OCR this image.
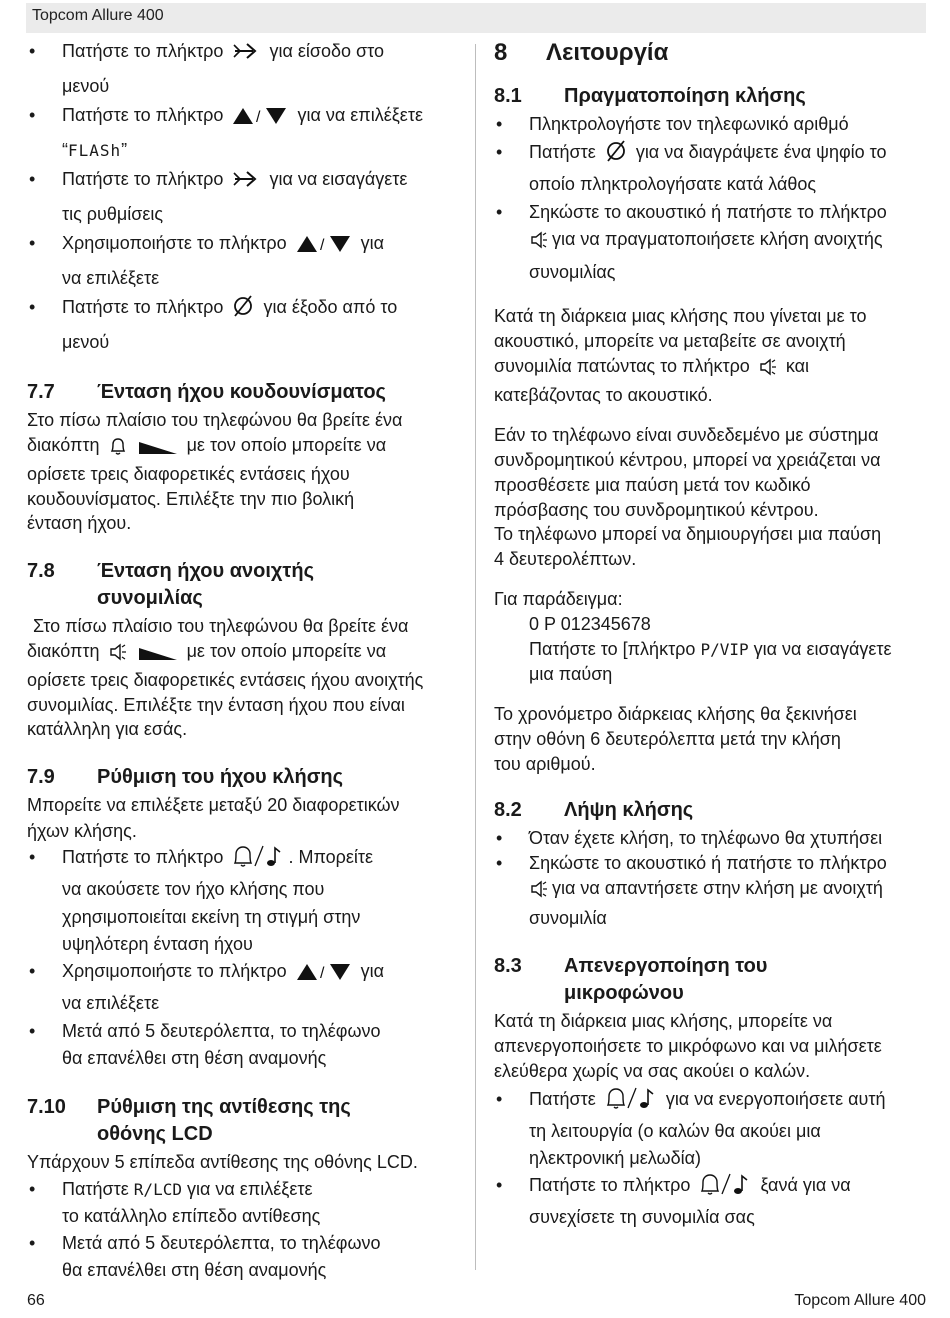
Topcom Allure 400
• Πατήστε το πλήκτρο	για είσοδο στο
μενού
• Πατήστε το πλήκτρο / για να επιλέξετε
“FLASh”
• Πατήστε το πλήκτρο	για να εισαγάγετε
τις ρυθμίσεις
• Χρησιμοποιήστε το πλήκτρο / για
να επιλέξετε
• Πατήστε το πλήκτρο για έξοδο από το
μενού
7.7 Ένταση ήχου κουδουνίσματος

Στο πίσω πλαίσιο του τηλεφώνου θα βρείτε ένα

διακόπτη	με τον οποίο μπορείτε να

ορίσετε τρεις διαφορετικές εντάσεις ήχου

κουδουνίσματος. Επιλέξτε την πιο βολική

ένταση ήχου.

7.8 Ένταση ήχου ανοιχτής
συνομιλίας

Στο πίσω πλαίσιο του τηλεφώνου θα βρείτε ένα

διακόπτη	με τον οποίο μπορείτε να

ορίσετε τρεις διαφορετικές εντάσεις ήχου ανοιχτής

συνομιλίας. Επιλέξτε την ένταση ήχου που είναι

κατάλληλη για εσάς.

7.9 Ρύθμιση του ήχου κλήσης

Μπορείτε να επιλέξετε μεταξύ 20 διαφορετικών

ήχων κλήσης.

• Πατήστε το πλήκτρο	. Μπορείτε
να ακούσετε τον ήχο κλήσης που
χρησιμοποιείται εκείνη τη στιγμή στην
υψηλότερη ένταση ήχου
• Χρησιμοποιήστε το πλήκτρο / για
να επιλέξετε
• Μετά από 5 δευτερόλεπτα, το τηλέφωνο
θα επανέλθει στη θέση αναμονής
7.10 Ρύθμιση της αντίθεσης της
οθόνης LCD

Υπάρχουν 5 επίπεδα αντίθεσης της οθόνης LCD.

• Πατήστε R/LCD για να επιλέξετε
το κατάλληλο επίπεδο αντίθεσης
• Μετά από 5 δευτερόλεπτα, το τηλέφωνο
θα επανέλθει στη θέση αναμονής
8 Λειτουργία
8.1 Πραγματοποίηση κλήσης
• Πληκτρολογήστε τον τηλεφωνικό αριθμό
• Πατήστε για να διαγράψετε ένα ψηφίο το
οποίο πληκτρολογήσατε κατά λάθος
• Σηκώστε το ακουστικό ή πατήστε το πλήκτρο
για να πραγματοποιήσετε κλήση ανοιχτής
συνομιλίας

Κατά τη διάρκεια μιας κλήσης που γίνεται με το

ακουστικό, μπορείτε να μεταβείτε σε ανοιχτή

συνομιλία πατώντας το πλήκτρο και

κατεβάζοντας το ακουστικό.

Εάν το τηλέφωνο είναι συνδεδεμένο με σύστημα

συνδρομητικού κέντρου, μπορεί να χρειάζεται να

προσθέσετε μια παύση μετά τον κωδικό

πρόσβασης του συνδρομητικού κέντρου.

Το τηλέφωνο μπορεί να δημιουργήσει μια παύση

4 δευτερολέπτων.

Για παράδειγμα:

0 P 012345678

Πατήστε το [πλήκτρο P/VIP για να εισαγάγετε

μια παύση

Το χρονόμετρο διάρκειας κλήσης θα ξεκινήσει

στην οθόνη 6 δευτερόλεπτα μετά την κλήση

του αριθμού.

8.2 Λήψη κλήσης
• Όταν έχετε κλήση, το τηλέφωνο θα χτυπήσει
• Σηκώστε το ακουστικό ή πατήστε το πλήκτρο
για να απαντήσετε στην κλήση με ανοιχτή
συνομιλία
8.3 Απενεργοποίηση του
μικροφώνου

Κατά τη διάρκεια μιας κλήσης, μπορείτε να

απενεργοποιήσετε το μικρόφωνο και να μιλήσετε

ελεύθερα χωρίς να σας ακούει ο καλών.

• Πατήστε	για να ενεργοποιήσετε αυτή
τη λειτουργία (ο καλών θα ακούει μια
ηλεκτρονική μελωδία)
• Πατήστε το πλήκτρο	ξανά για να
συνεχίσετε τη συνομιλία σας
66	Topcom Allure 400
